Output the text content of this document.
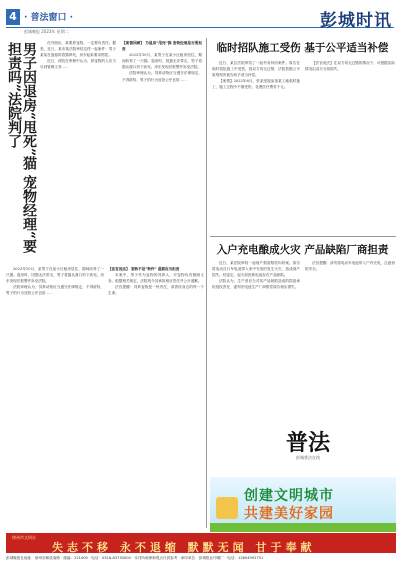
4 · 普法窗口 ·
彭城晚报 2023年 星期二
彭城时讯
男子因退房“甩死”猫 宠物经理“要担责吗”法院判了	在外面玩，真要养宠物，一定要负责任。据悉，近日，某市某法院审结这样一起案件：男子某某在退租时将猫摔死，房东起诉要求赔偿。

近日，该院在审理中认为，养宠物的人应当尽到管理义务……

【案情回顾】 为退房“甩死”猫 宠物经理是否要担责

2023年10月，某男子在某小区租房居住，期间收养了一只猫。退房时，因猫无法带走，男子将猫从窗口扔下致死。房东发现后报警并诉至法院。

法院审理认为，饲养动物应当遵守法律规定，不得虐待，男子的行为违背公序良俗……

2023年10月，某男子在某小区租房居住，期间收养了一只猫。退房时，因猫无法带走，男子将猫从窗口扔下致死。房东发现后报警并诉至法院。

法院审理认为，饲养动物应当遵守法律规定，不得虐待，男子的行为违背公序良俗……

【法官说法】 宠物不是“物件” 虐猫应当担责

本案中，男子作为宠物的饲养人，对宠物负有照顾义务。根据相关规定，法院判令其承担相应责任并公开道歉。

法官提醒：饲养宠物是一份责任，请善待身边的每一个生命。

临时招队施工受伤 基于公平适当补偿

近日，某区法院审结了一起劳务纠纷案件。原告在临时招队施工中受伤，因双方均无过错，法院依据公平原则判决被告给予适当补偿。

【案情】2022年6月，张某受雇参加某工地临时施工，施工过程中不慎受伤，花费医疗费若干元。

【法官说法】在双方均无过错的情况下，可根据实际情况由双方分担损失。

入户充电酿成火灾 产品缺陷厂商担责

近日，某法院审结一起财产损害赔偿纠纷案。原告将电动自行车电池带入家中充电时发生火灾，造成财产损失。经鉴定，起火原因系电池存在产品缺陷。

法院认为，生产者应当对其产品缺陷造成的损害承担侵权责任，遂判决电池生产厂商赔偿原告相应损失。

法官提醒：请勿将电动车电池带入户内充电，注意消防安全。

普法
彭城普法在线
创建文明城市
共建美好家园
徐州市文明办
失志不移 永不退缩 默默无闻 甘于奉献
彭城晚报社地址：徐州市解放南路 · 邮编：221000 · 电话：0516-83730000 · 本刊所载律师观点仅供参考 · 承印单位：彭城报业印刷厂 · 电话：12604992751
